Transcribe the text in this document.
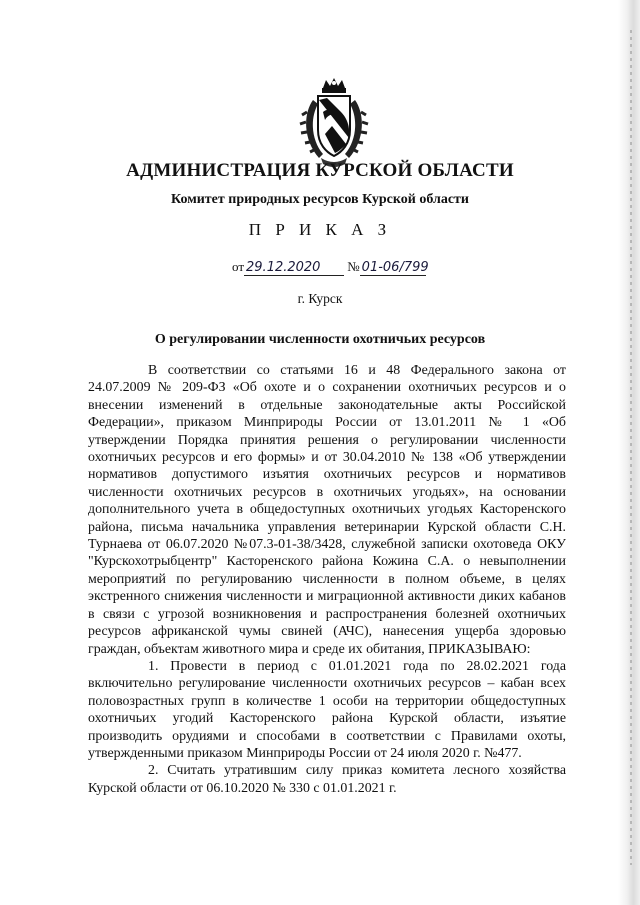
АДМИНИСТРАЦИЯ КУРСКОЙ ОБЛАСТИ
Комитет природных ресурсов Курской области
П Р И К А З
от 29.12.2020 № 01-06/799
г. Курск
О регулировании численности охотничьих ресурсов

В соответствии со статьями 16 и 48 Федерального закона от 24.07.2009 № 209-ФЗ «Об охоте и о сохранении охотничьих ресурсов и о внесении изменений в отдельные законодательные акты Российской Федерации», приказом Минприроды России от 13.01.2011 № 1 «Об утверждении Порядка принятия решения о регулировании численности охотничьих ресурсов и его формы» и от 30.04.2010 № 138 «Об утверждении нормативов допустимого изъятия охотничьих ресурсов и нормативов численности охотничьих ресурсов в охотничьих угодьях», на основании дополнительного учета в общедоступных охотничьих угодьях Касторенского района, письма начальника управления ветеринарии Курской области С.Н. Турнаева от 06.07.2020 №07.3-01-38/3428, служебной записки охотоведа ОКУ "Курскохотрыбцентр" Касторенского района Кожина С.А. о невыполнении мероприятий по регулированию численности в полном объеме, в целях экстренного снижения численности и миграционной активности диких кабанов в связи с угрозой возникновения и распространения болезней охотничьих ресурсов африканской чумы свиней (АЧС), нанесения ущерба здоровью граждан, объектам животного мира и среде их обитания, ПРИКАЗЫВАЮ:

1. Провести в период с 01.01.2021 года по 28.02.2021 года включительно регулирование численности охотничьих ресурсов – кабан всех половозрастных групп в количестве 1 особи на территории общедоступных охотничьих угодий Касторенского района Курской области, изъятие производить орудиями и способами в соответствии с Правилами охоты, утвержденными приказом Минприроды России от 24 июля 2020 г. №477.

2. Считать утратившим силу приказ комитета лесного хозяйства Курской области от 06.10.2020 № 330 с 01.01.2021 г.
